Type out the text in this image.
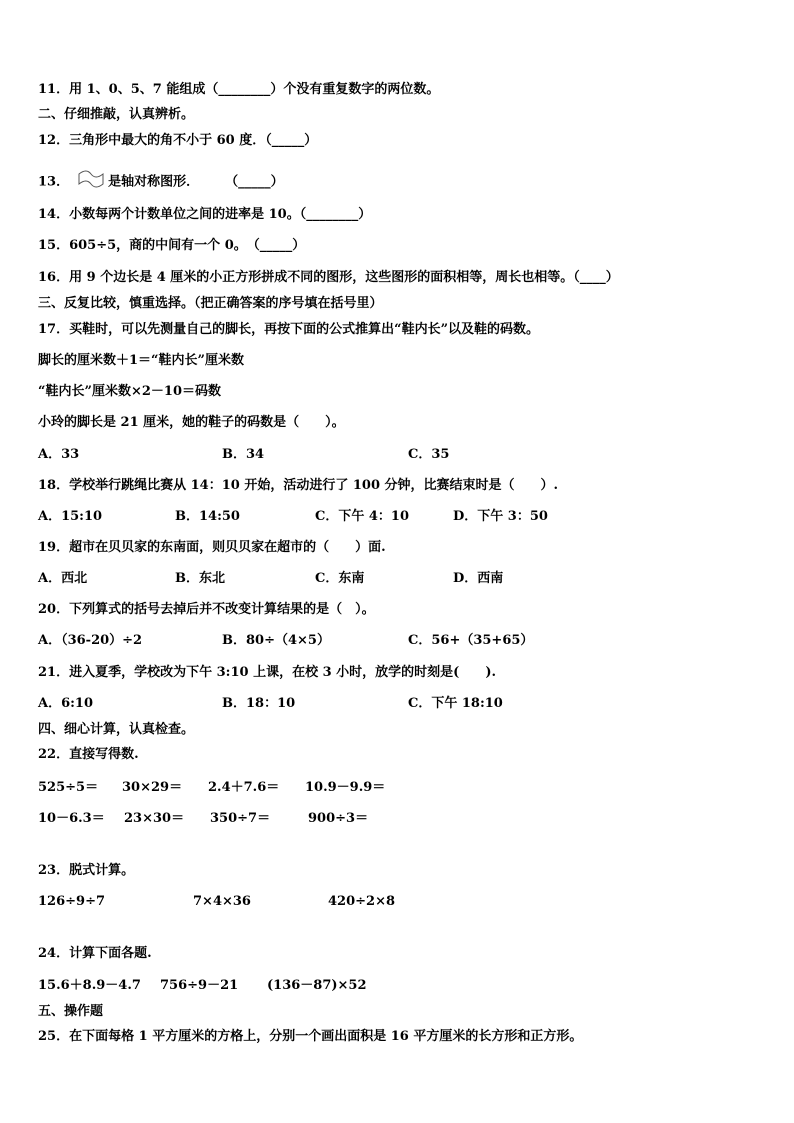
11．用 1、0、5、7 能组成（________）个没有重复数字的两位数。
二、仔细推敲，认真辨析。
12．三角形中最大的角不小于 60 度．（_____）
13．	是轴对称图形．　　　（_____）
14．小数每两个计数单位之间的进率是 10。（________）
15．605÷5，商的中间有一个 0。　（_____）
16．用 9 个边长是 4 厘米的小正方形拼成不同的图形，这些图形的面积相等，周长也相等。（____）
三、反复比较，慎重选择。（把正确答案的序号填在括号里）
17．买鞋时，可以先测量自己的脚长，再按下面的公式推算出“鞋内长”以及鞋的码数。
脚长的厘米数＋1＝“鞋内长”厘米数
“鞋内长”厘米数×2－10＝码数
小玲的脚长是 21 厘米，她的鞋子的码数是（　　）。
A．33	B．34	C．35
18．学校举行跳绳比赛从 14：10 开始，活动进行了 100 分钟，比赛结束时是（　　）.
A．15:10	B．14:50	C．下午 4：10	D．下午 3：50
19．超市在贝贝家的东南面，则贝贝家在超市的（　　）面.
A．西北	B．东北	C．东南	D．西南
20．下列算式的括号去掉后并不改变计算结果的是（　）。
A．（36-20）÷2	B．80÷（4×5）	C．56+（35+65）
21．进入夏季，学校改为下午 3:10 上课，在校 3 小时，放学的时刻是(　　).
A．6:10	B．18：10	C．下午 18:10
四、细心计算，认真检查。
22．直接写得数.
525÷5＝ 30×29＝ 2.4＋7.6＝ 10.9－9.9＝
10－6.3＝ 23×30＝ 350÷7＝	900÷3＝
23．脱式计算。
126÷9÷7	7×4×36	420÷2×8
24．计算下面各题.
15.6＋8.9－4.7 756÷9－21 (136－87)×52
五、操作题
25．在下面每格 1 平方厘米的方格上，分别一个画出面积是 16 平方厘米的长方形和正方形。
